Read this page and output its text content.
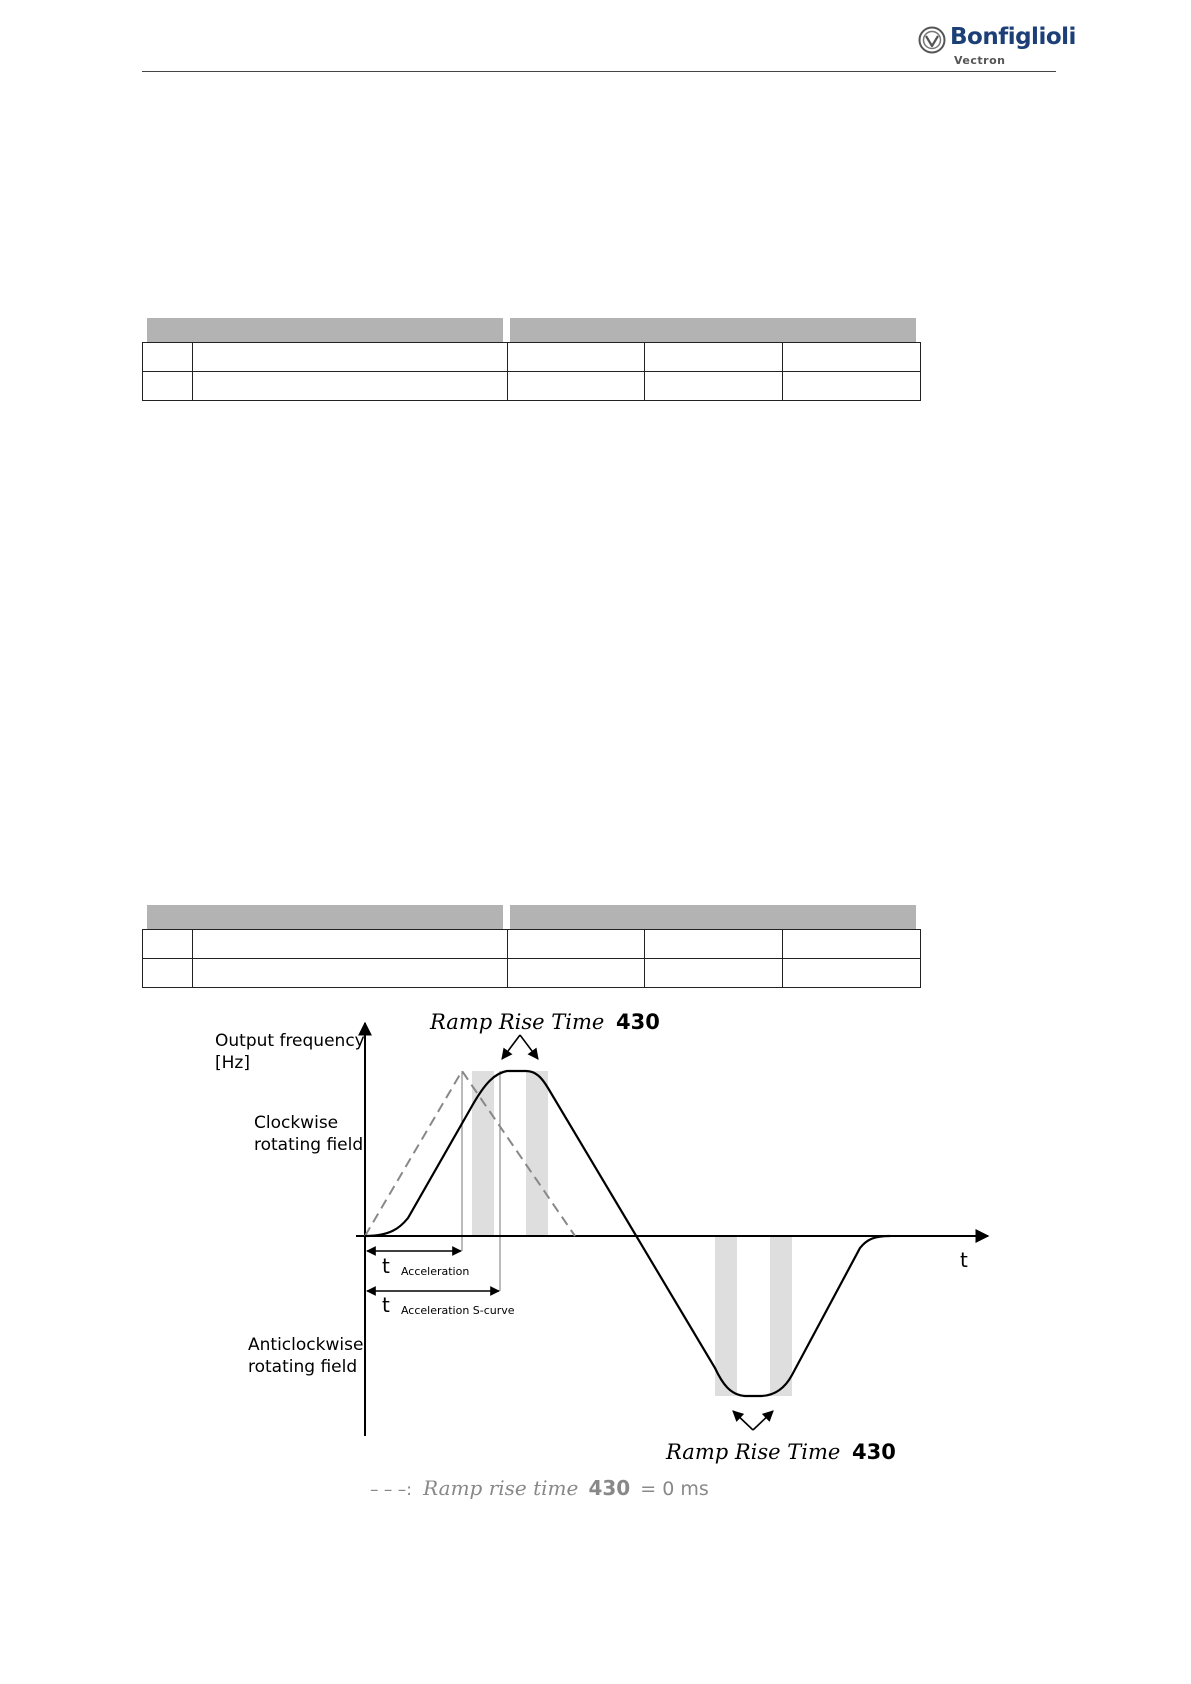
Bonfiglioli
Vectron

Output frequency
[Hz]
Clockwise
rotating field
Anticlockwise
rotating field
t
Ramp Rise Time 430
Ramp Rise Time 430
t Acceleration
t Acceleration S-curve
– – –: Ramp rise time 430 = 0 ms
